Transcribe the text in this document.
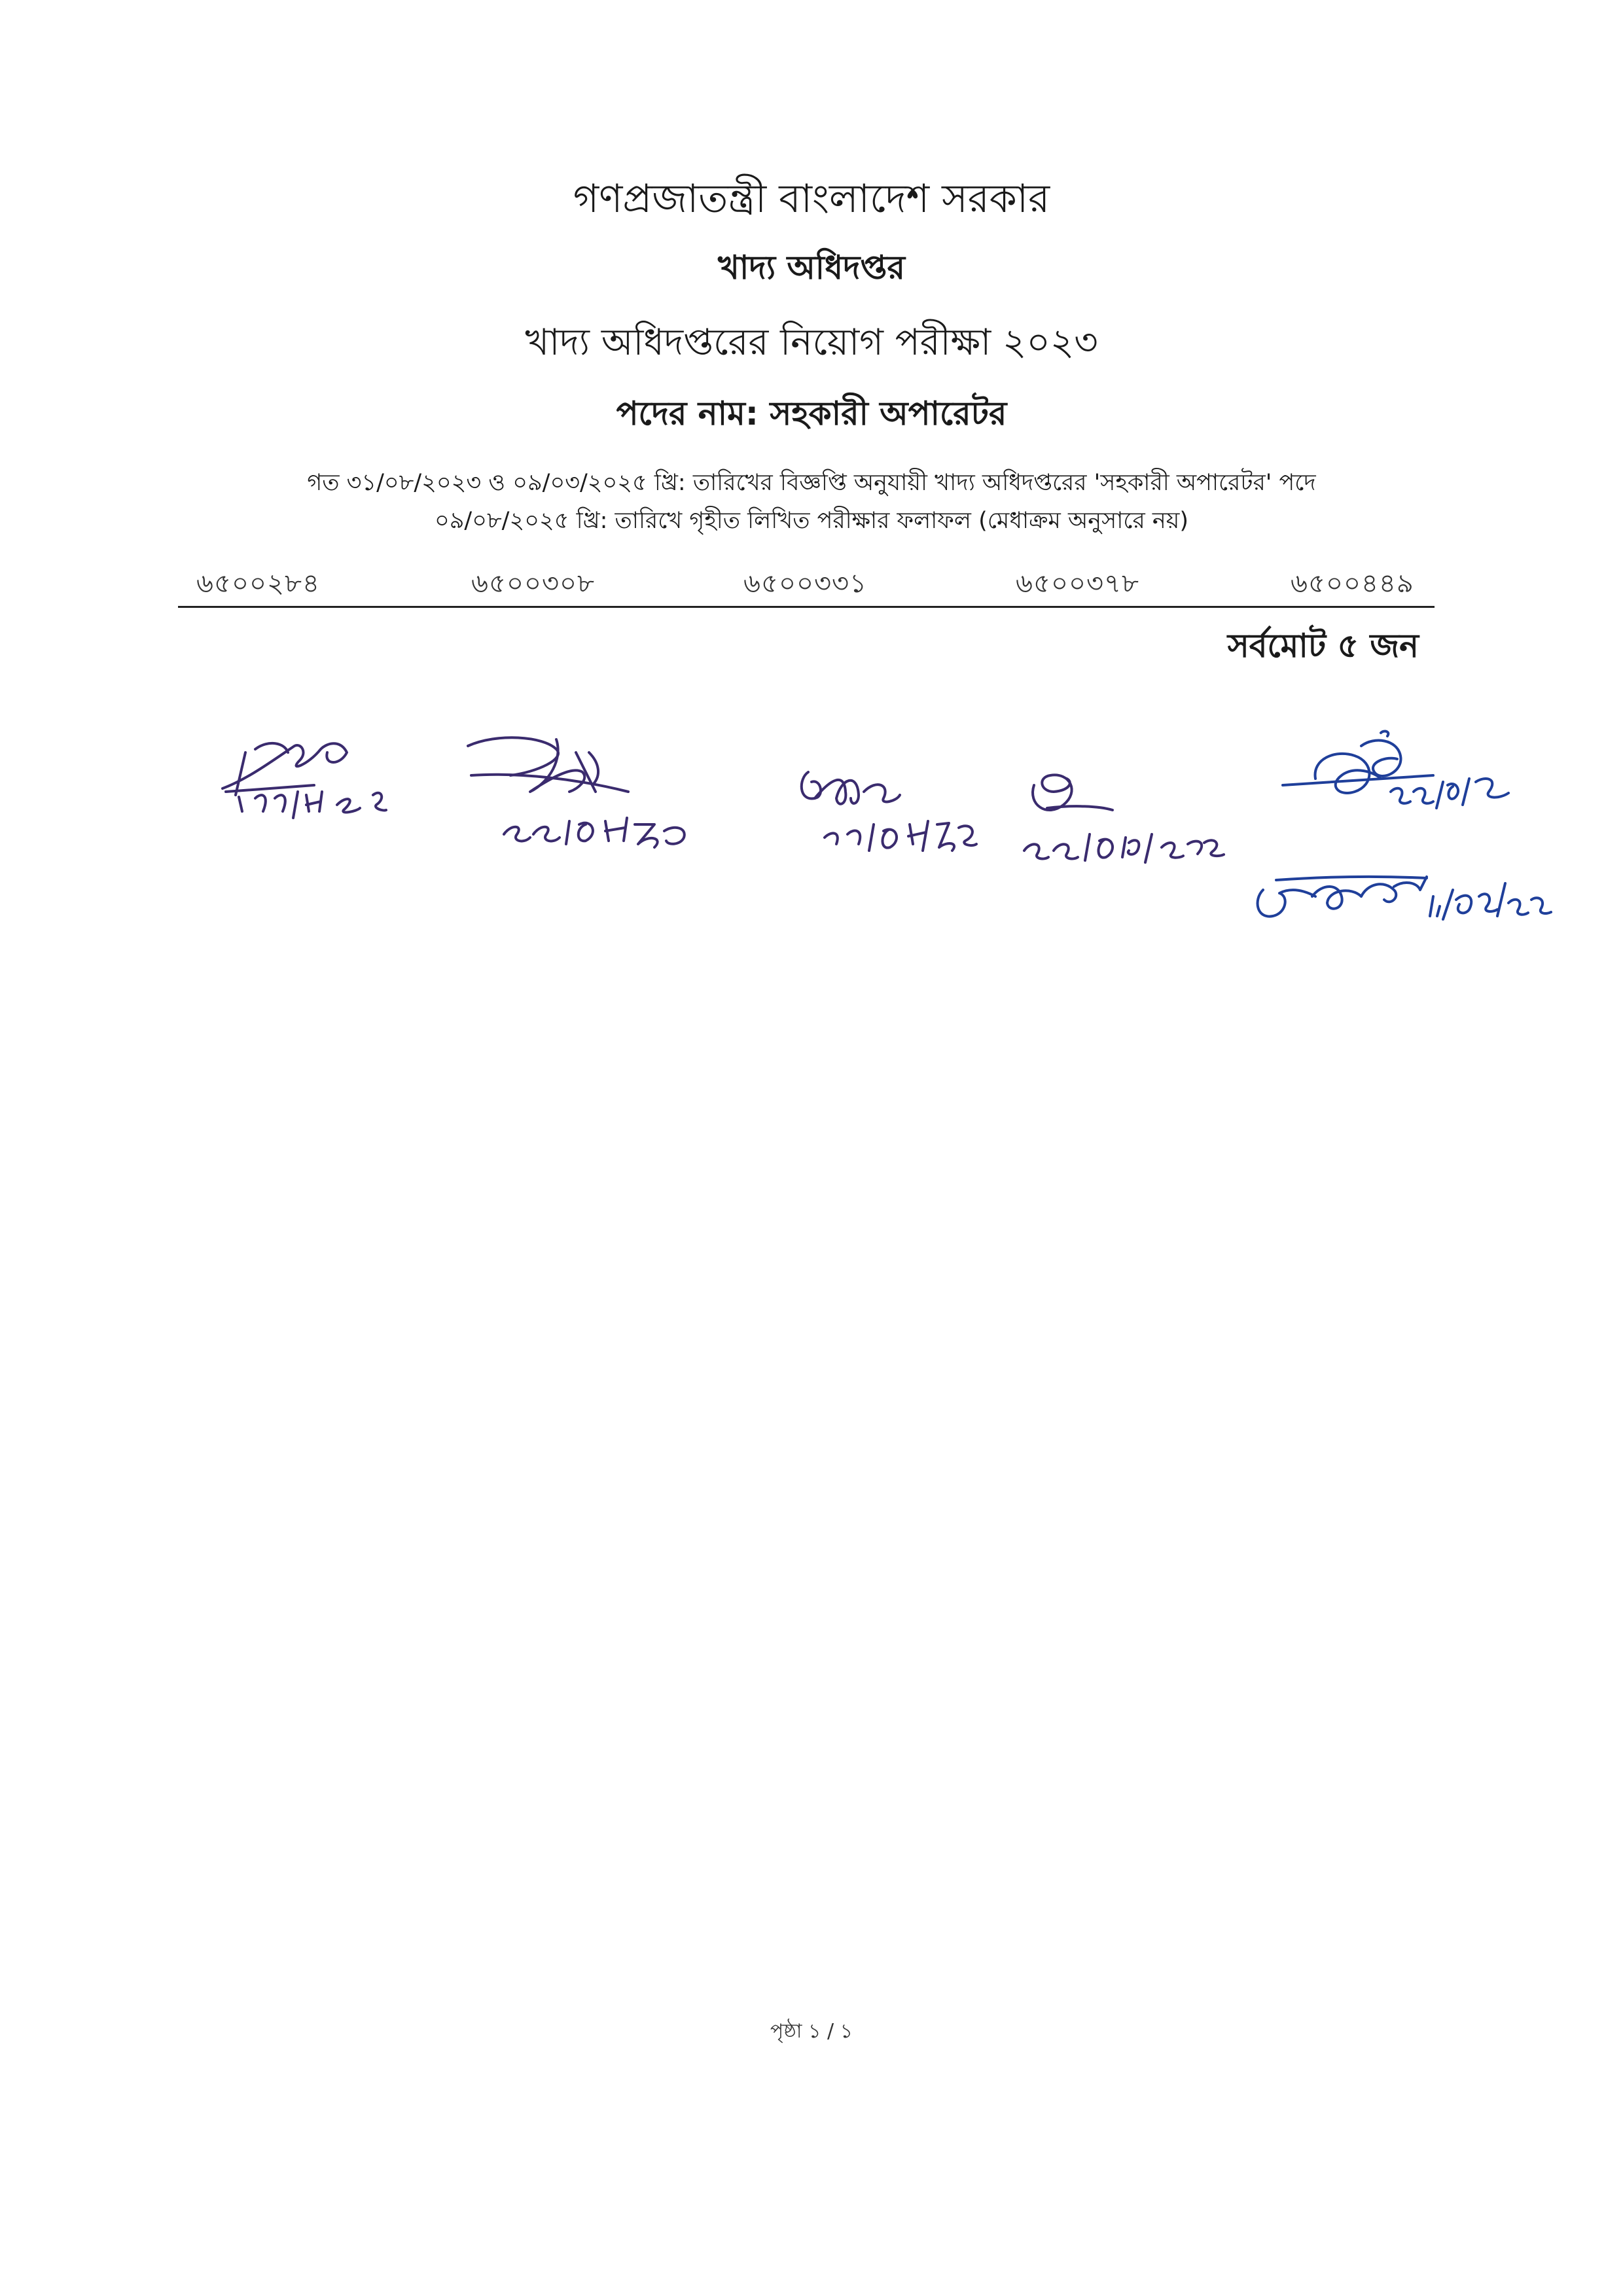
গণপ্রজাতন্ত্রী বাংলাদেশ সরকার
খাদ্য অধিদপ্তর
খাদ্য অধিদপ্তরের নিয়োগ পরীক্ষা ২০২৩
পদের নাম: সহকারী অপারেটর
গত ৩১/০৮/২০২৩ ও ০৯/০৩/২০২৫ খ্রি: তারিখের বিজ্ঞপ্তি অনুযায়ী খাদ্য অধিদপ্তরের 'সহকারী অপারেটর' পদে
০৯/০৮/২০২৫ খ্রি: তারিখে গৃহীত লিখিত পরীক্ষার ফলাফল (মেধাক্রম অনুসারে নয়)
৬৫০০২৮৪	৬৫০০৩০৮	৬৫০০৩৩১	৬৫০০৩৭৮	৬৫০০৪৪৯
সর্বমোট ৫ জন
পৃষ্ঠা ১ / ১
